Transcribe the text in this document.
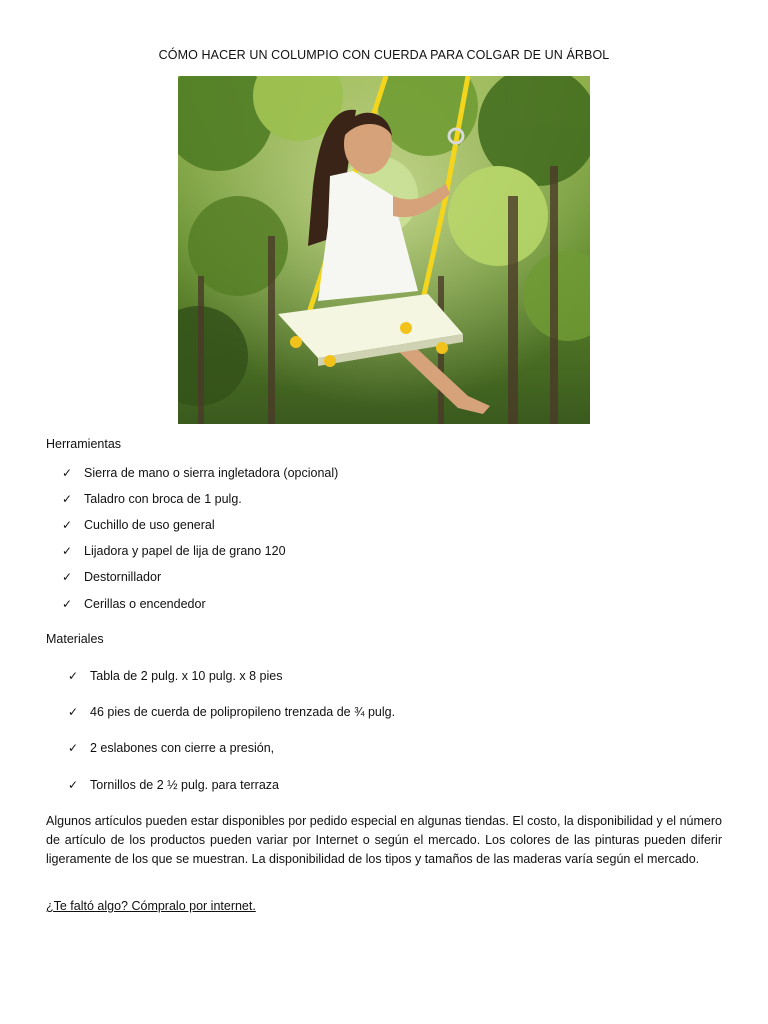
CÓMO HACER UN COLUMPIO CON CUERDA PARA COLGAR DE UN ÁRBOL
Herramientas
✓ Sierra de mano o sierra ingletadora (opcional)
✓ Taladro con broca de 1 pulg.
✓ Cuchillo de uso general
✓ Lijadora y papel de lija de grano 120
✓ Destornillador
✓ Cerillas o encendedor
Materiales
✓ Tabla de 2 pulg. x 10 pulg. x 8 pies
✓ 46 pies de cuerda de polipropileno trenzada de ¾ pulg.
✓ 2 eslabones con cierre a presión,
✓ Tornillos de 2 ½ pulg. para terraza

Algunos artículos pueden estar disponibles por pedido especial en algunas tiendas. El costo, la disponibilidad y el número de artículo de los productos pueden variar por Internet o según el mercado. Los colores de las pinturas pueden diferir ligeramente de los que se muestran. La disponibilidad de los tipos y tamaños de las maderas varía según el mercado.

¿Te faltó algo? Cómpralo por internet.
